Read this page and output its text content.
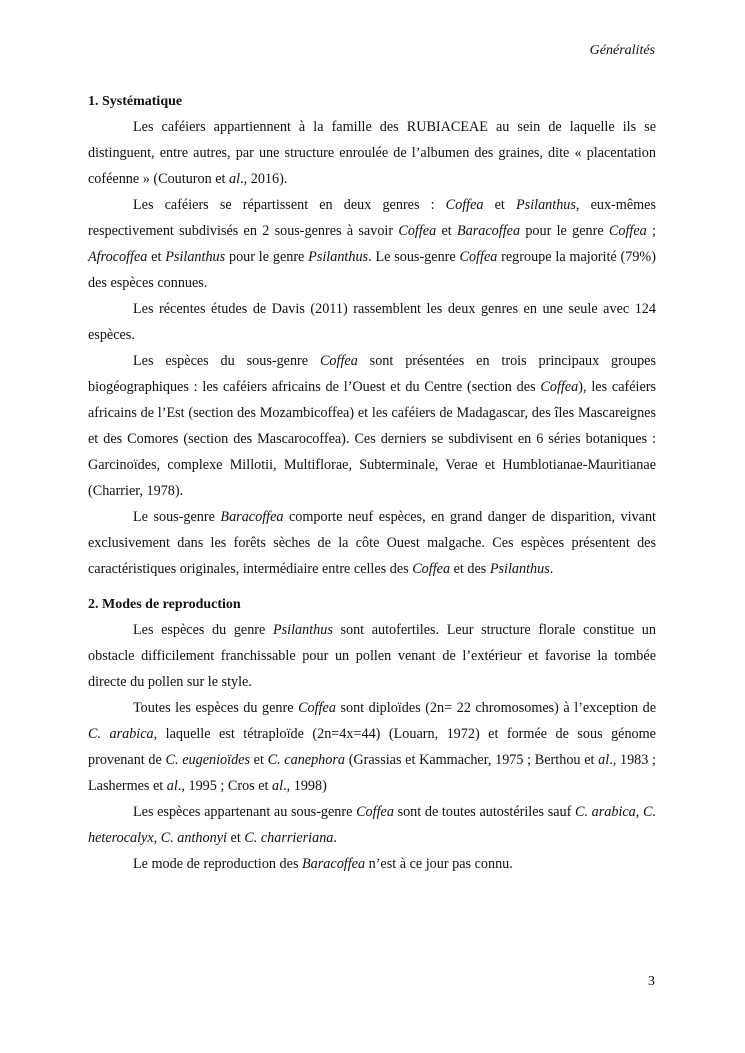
Généralités
1. Systématique

Les caféiers appartiennent à la famille des RUBIACEAE au sein de laquelle ils se distinguent, entre autres, par une structure enroulée de l’albumen des graines, dite « placentation coféenne » (Couturon et al., 2016).

Les caféiers se répartissent en deux genres : Coffea et Psilanthus, eux-mêmes respectivement subdivisés en 2 sous-genres à savoir Coffea et Baracoffea pour le genre Coffea ; Afrocoffea et Psilanthus pour le genre Psilanthus. Le sous-genre Coffea regroupe la majorité (79%) des espèces connues.

Les récentes études de Davis (2011) rassemblent les deux genres en une seule avec 124 espèces.

Les espèces du sous-genre Coffea sont présentées en trois principaux groupes biogéographiques : les caféiers africains de l’Ouest et du Centre (section des Coffea), les caféiers africains de l’Est (section des Mozambicoffea) et les caféiers de Madagascar, des îles Mascareignes et des Comores (section des Mascarocoffea). Ces derniers se subdivisent en 6 séries botaniques : Garcinoïdes, complexe Millotii, Multiflorae, Subterminale, Verae et Humblotianae-Mauritianae (Charrier, 1978).

Le sous-genre Baracoffea comporte neuf espèces, en grand danger de disparition, vivant exclusivement dans les forêts sèches de la côte Ouest malgache. Ces espèces présentent des caractéristiques originales, intermédiaire entre celles des Coffea et des Psilanthus.

2. Modes de reproduction

Les espèces du genre Psilanthus sont autofertiles. Leur structure florale constitue un obstacle difficilement franchissable pour un pollen venant de l’extérieur et favorise la tombée directe du pollen sur le style.

Toutes les espèces du genre Coffea sont diploïdes (2n= 22 chromosomes) à l’exception de C. arabica, laquelle est tétraploïde (2n=4x=44) (Louarn, 1972) et formée de sous génome provenant de C. eugenioïdes et C. canephora (Grassias et Kammacher, 1975 ; Berthou et al., 1983 ; Lashermes et al., 1995 ; Cros et al., 1998)

Les espèces appartenant au sous-genre Coffea sont de toutes autostériles sauf C. arabica, C. heterocalyx, C. anthonyi et C. charrieriana.

Le mode de reproduction des Baracoffea n’est à ce jour pas connu.

3
